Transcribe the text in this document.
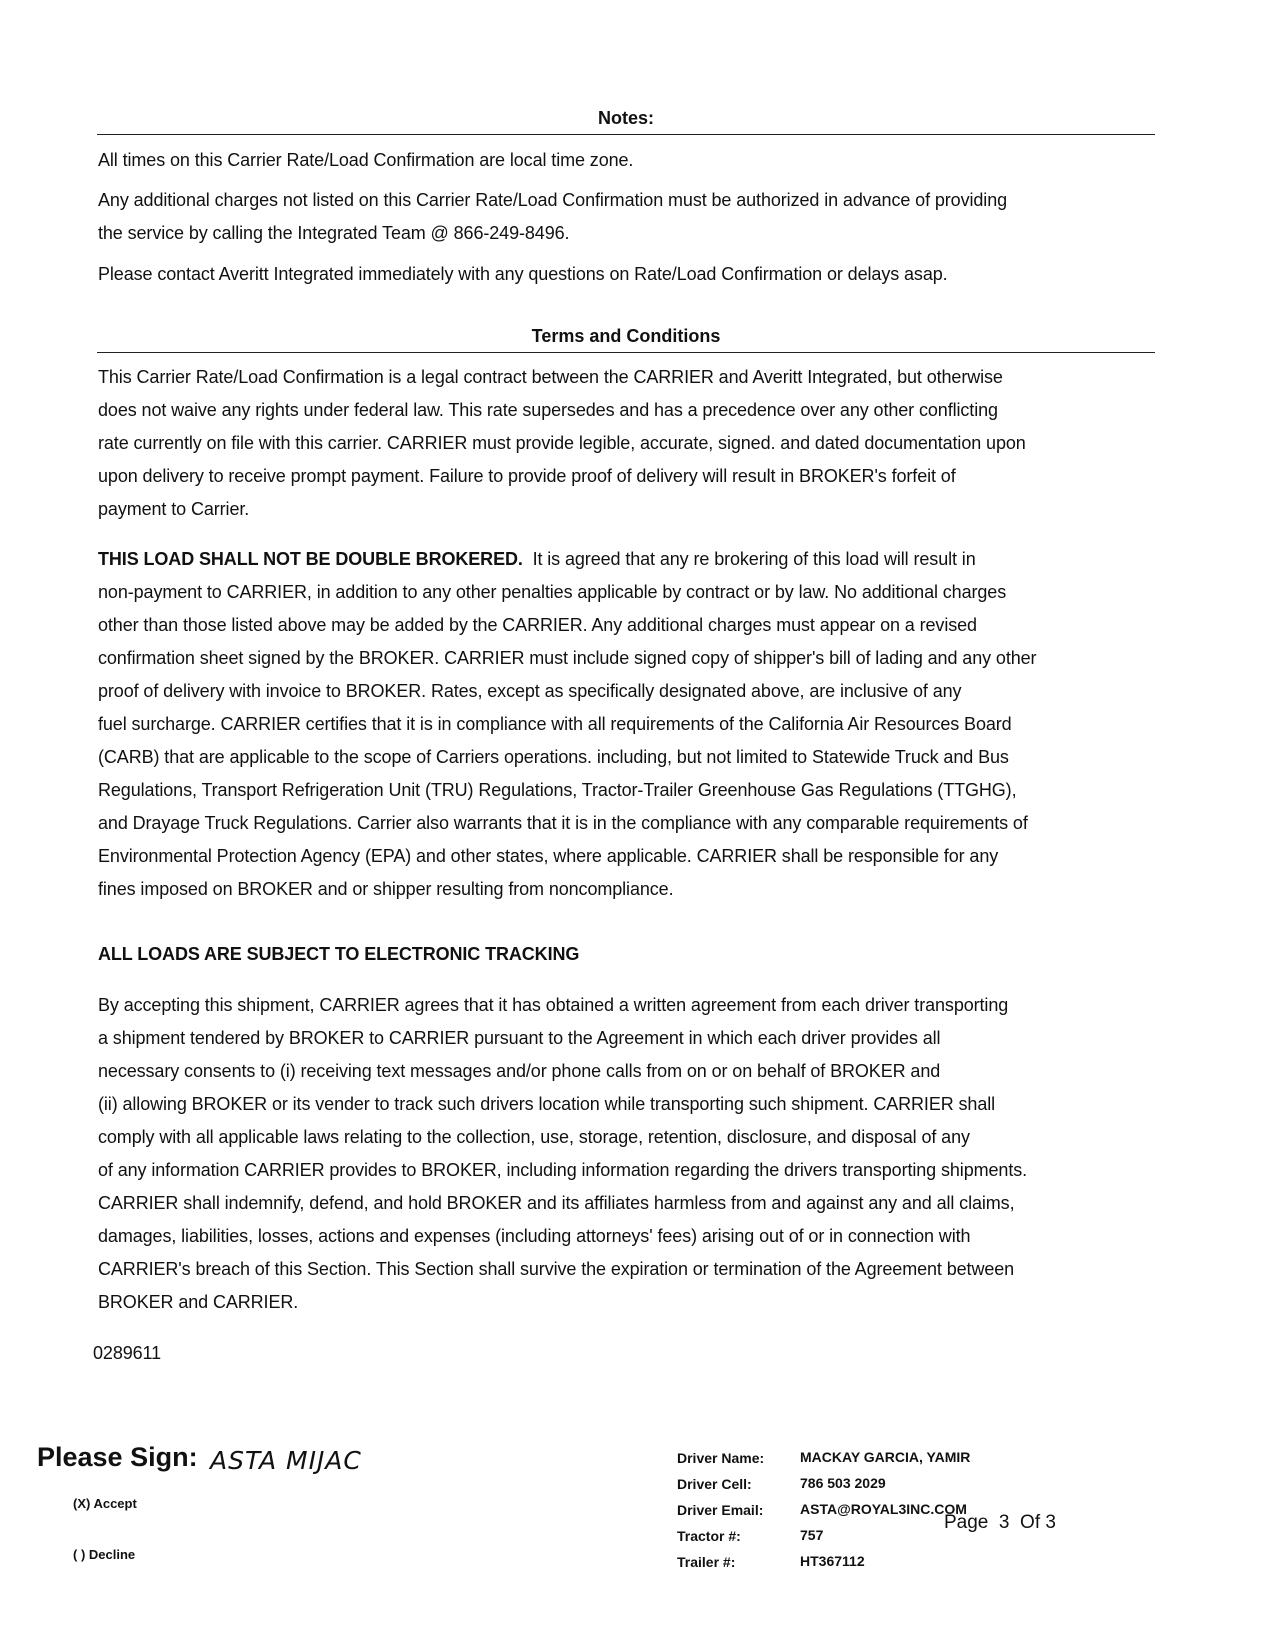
Notes:
All times on this Carrier Rate/Load Confirmation are local time zone.
Any additional charges not listed on this Carrier Rate/Load Confirmation must be authorized in advance of providing
the service by calling the Integrated Team @ 866-249-8496.
Please contact Averitt Integrated immediately with any questions on Rate/Load Confirmation or delays asap.
Terms and Conditions
This Carrier Rate/Load Confirmation is a legal contract between the CARRIER and Averitt Integrated, but otherwise
does not waive any rights under federal law. This rate supersedes and has a precedence over any other conflicting
rate currently on file with this carrier. CARRIER must provide legible, accurate, signed. and dated documentation upon
upon delivery to receive prompt payment. Failure to provide proof of delivery will result in BROKER's forfeit of
payment to Carrier.
THIS LOAD SHALL NOT BE DOUBLE BROKERED.  It is agreed that any re brokering of this load will result in
non-payment to CARRIER, in addition to any other penalties applicable by contract or by law. No additional charges
other than those listed above may be added by the CARRIER. Any additional charges must appear on a revised
confirmation sheet signed by the BROKER. CARRIER must include signed copy of shipper's bill of lading and any other
proof of delivery with invoice to BROKER. Rates, except as specifically designated above, are inclusive of any
fuel surcharge. CARRIER certifies that it is in compliance with all requirements of the California Air Resources Board
(CARB) that are applicable to the scope of Carriers operations. including, but not limited to Statewide Truck and Bus
Regulations, Transport Refrigeration Unit (TRU) Regulations, Tractor-Trailer Greenhouse Gas Regulations (TTGHG),
and Drayage Truck Regulations. Carrier also warrants that it is in the compliance with any comparable requirements of
Environmental Protection Agency (EPA) and other states, where applicable. CARRIER shall be responsible for any
fines imposed on BROKER and or shipper resulting from noncompliance.
ALL LOADS ARE SUBJECT TO ELECTRONIC TRACKING
By accepting this shipment, CARRIER agrees that it has obtained a written agreement from each driver transporting
a shipment tendered by BROKER to CARRIER pursuant to the Agreement in which each driver provides all
necessary consents to (i) receiving text messages and/or phone calls from on or on behalf of BROKER and
(ii) allowing BROKER or its vender to track such drivers location while transporting such shipment. CARRIER shall
comply with all applicable laws relating to the collection, use, storage, retention, disclosure, and disposal of any
of any information CARRIER provides to BROKER, including information regarding the drivers transporting shipments.
CARRIER shall indemnify, defend, and hold BROKER and its affiliates harmless from and against any and all claims,
damages, liabilities, losses, actions and expenses (including attorneys' fees) arising out of or in connection with
CARRIER's breach of this Section. This Section shall survive the expiration or termination of the Agreement between
BROKER and CARRIER.
0289611
Please Sign: ASTA MIJAC
(X) Accept
( ) Decline
Driver Name:	MACKAY GARCIA, YAMIR
Driver Cell:	786 503 2029
Driver Email:	ASTA@ROYAL3INC.COM
Tractor #:	757
Trailer #:	HT367112
Page  3  Of 3
